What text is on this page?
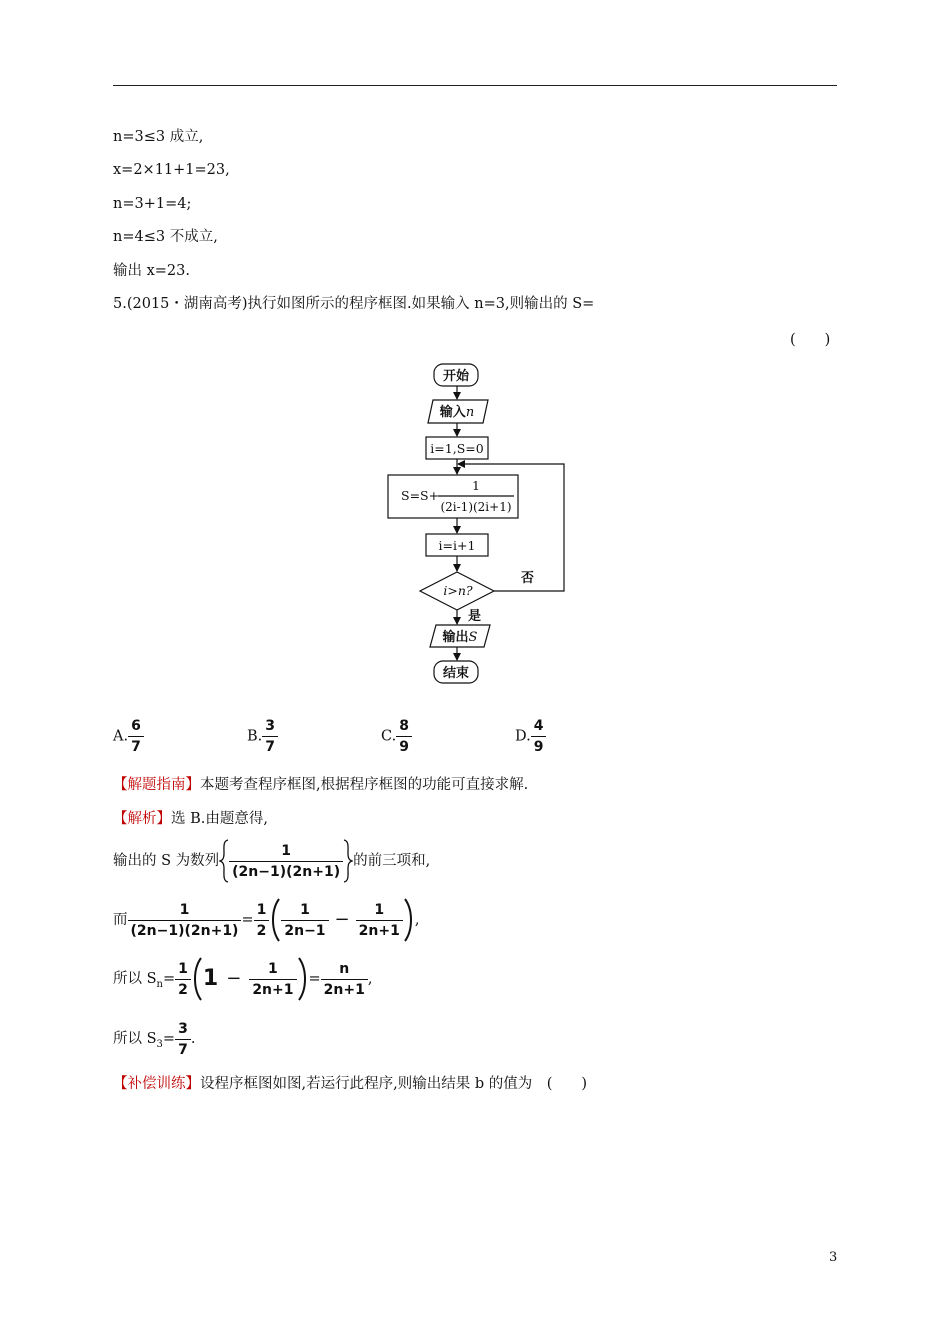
n=3≤3 成立,
x=2×11+1=23,
n=3+1=4;
n=4≤3 不成立,
输出 x=23.
5.(2015・湖南高考)执行如图所示的程序框图.如果输入 n=3,则输出的 S=
(　　)
开始
输入n
i=1,S=0
S=S+
1
(2i-1)(2i+1)
i=i+1
i>n?
否
是
输出S
结束
A. $\frac{6}{7}$	B. $\frac{3}{7}$	C. $\frac{8}{9}$	D. $\frac{4}{9}$
【解题指南】本题考查程序框图,根据程序框图的功能可直接求解.
【解析】选 B.由题意得,
输出的 S 为数列 $\frac{1}{(2n-1)(2n+1)}$ 的前三项和,
而 $\frac{1}{(2n-1)(2n+1)} = \frac{1}{2} \frac{1}{2n-1} - \frac{1}{2n+1}$ ,
所以 $S_n= \frac{1}{2} 1 - \frac{1}{2n+1} = \frac{n}{2n+1}$ ,
所以 $S_3= \frac{3}{7}$ .
【补偿训练】设程序框图如图,若运行此程序,则输出结果 b 的值为　(　　)
3
